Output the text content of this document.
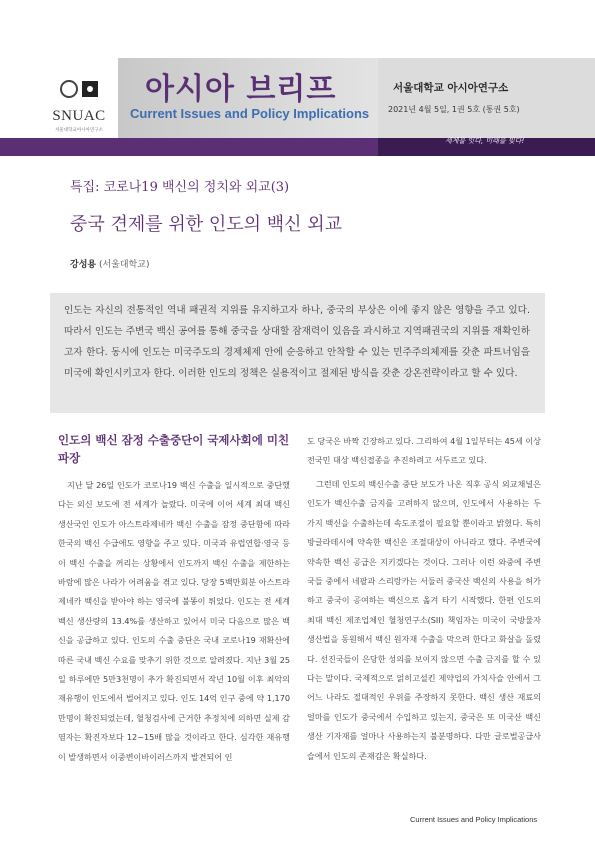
SNUAC
서울대학교아시아연구소
아시아 브리프
Current Issues and Policy Implications
서울대학교 아시아연구소
2021년 4월 5일, 1권 5호 (통권 5호)
세계를 잇다, 미래를 빚다!
특집: 코로나19 백신의 정치와 외교(3)
중국 견제를 위한 인도의 백신 외교
강성용 (서울대학교)
인도는 자신의 전통적인 역내 패권적 지위를 유지하고자 하나, 중국의 부상은 이에 좋지 않은 영향을 주고 있다. 따라서 인도는 주변국 백신 공여를 통해 중국을 상대할 잠재력이 있음을 과시하고 지역패권국의 지위를 재확인하고자 한다. 동시에 인도는 미국주도의 경제체제 안에 순응하고 안착할 수 있는 민주주의체제를 갖춘 파트너임을 미국에 확인시키고자 한다. 이러한 인도의 정책은 실용적이고 절제된 방식을 갖춘 강온전략이라고 할 수 있다.
인도의 백신 잠정 수출중단이 국제사회에 미친 파장
지난 달 26일 인도가 코로나19 백신 수출을 일시적으로 중단했다는 외신 보도에 전 세계가 놀랐다. 미국에 이어 세계 최대 백신 생산국인 인도가 아스트라제네카 백신 수출을 잠정 중단함에 따라 한국의 백신 수급에도 영향을 주고 있다. 미국과 유럽연합·영국 등이 백신 수출을 꺼리는 상황에서 인도까지 백신 수출을 제한하는 바람에 많은 나라가 어려움을 겪고 있다. 당장 5백만회분 아스트라제네카 백신을 받아야 하는 영국에 불똥이 튀었다. 인도는 전 세계 백신 생산량의 13.4%를 생산하고 있어서 미국 다음으로 많은 백신을 공급하고 있다. 인도의 수출 중단은 국내 코로나19 재확산에 따른 국내 백신 수요를 맞추기 위한 것으로 알려졌다. 지난 3월 25일 하루에만 5만3천명이 추가 확진되면서 작년 10월 이후 최악의 재유행이 인도에서 벌어지고 있다. 인도 14억 인구 중에 약 1,170만명이 확진되었는데, 혈청검사에 근거한 추정치에 의하면 실제 감염자는 확진자보다 12~15배 많을 것이라고 한다. 심각한 재유행이 발생하면서 이중변이바이러스까지 발견되어 인
도 당국은 바짝 긴장하고 있다. 그리하여 4월 1일부터는 45세 이상 전국민 대상 백신접종을 추진하려고 서두르고 있다.
그런데 인도의 백신수출 중단 보도가 나온 직후 공식 외교채널은 인도가 백신수출 금지를 고려하지 않으며, 인도에서 사용하는 두 가지 백신을 수출하는데 속도조절이 필요할 뿐이라고 밝혔다. 특히 방글라데시에 약속한 백신은 조절대상이 아니라고 했다. 주변국에 약속한 백신 공급은 지키겠다는 것이다. 그러나 이런 와중에 주변국들 중에서 네팔과 스리랑카는 서둘러 중국산 백신의 사용을 허가하고 중국이 공여하는 백신으로 옮겨 타기 시작했다. 한편 인도의 최대 백신 제조업체인 혈청연구소(SII) 책임자는 미국이 국방물자생산법을 동원해서 백신 원자재 수출을 막으려 한다고 화살을 돌렸다. 선진국들이 은당한 성의를 보이지 않으면 수출 금지를 할 수 있다는 말이다. 국제적으로 얽히고설킨 제약업의 가치사슬 안에서 그 어느 나라도 절대적인 우위를 주장하지 못한다. 백신 생산 재료의 얼마를 인도가 중국에서 수입하고 있는지, 중국은 또 미국산 백신 생산 기자재를 얼마나 사용하는지 불분명하다. 다만 글로벌공급사슬에서 인도의 존재감은 확실하다.
Current Issues and Policy Implications
